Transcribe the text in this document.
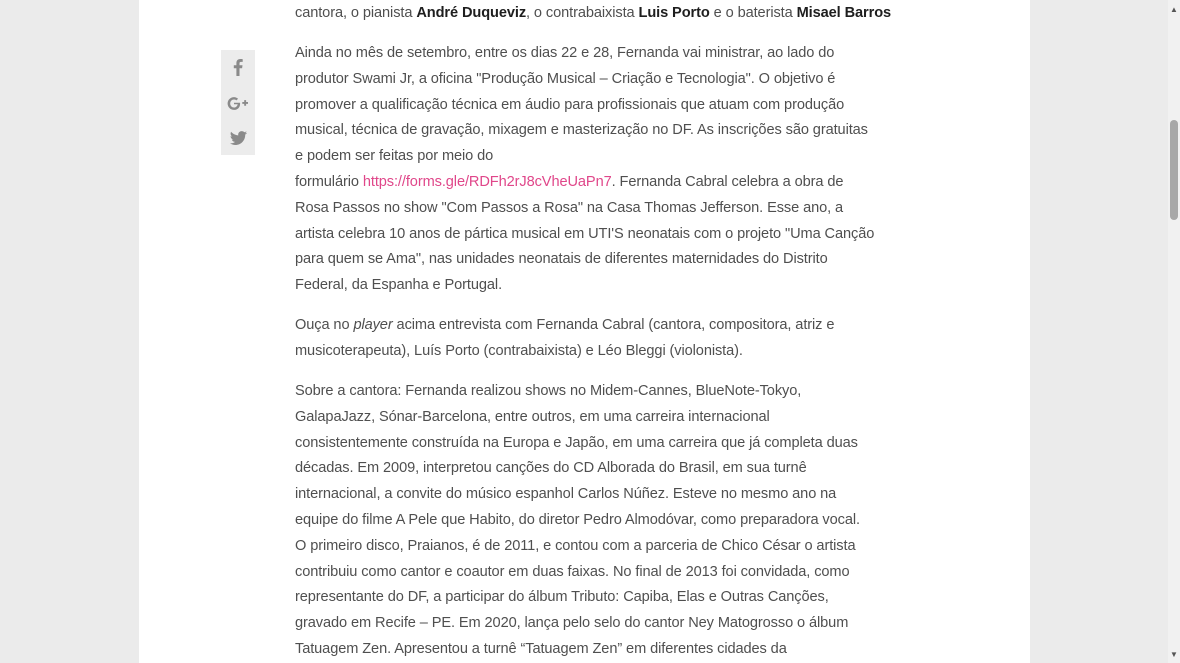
cantora, o pianista André Duqueviz, o contrabaixista Luis Porto e o baterista Misael Barros

Ainda no mês de setembro, entre os dias 22 e 28, Fernanda vai ministrar, ao lado do produtor Swami Jr, a oficina "Produção Musical – Criação e Tecnologia". O objetivo é promover a qualificação técnica em áudio para profissionais que atuam com produção musical, técnica de gravação, mixagem e masterização no DF. As inscrições são gratuitas e podem ser feitas por meio do
formulário https://forms.gle/RDFh2rJ8cVheUaPn7. Fernanda Cabral celebra a obra de Rosa Passos no show "Com Passos a Rosa" na Casa Thomas Jefferson. Esse ano, a artista celebra 10 anos de pártica musical em UTI'S neonatais com o projeto "Uma Canção para quem se Ama", nas unidades neonatais de diferentes maternidades do Distrito Federal, da Espanha e Portugal.

Ouça no player acima entrevista com Fernanda Cabral (cantora, compositora, atriz e musicoterapeuta), Luís Porto (contrabaixista) e Léo Bleggi (violonista).

Sobre a cantora: Fernanda realizou shows no Midem-Cannes, BlueNote-Tokyo, GalapaJazz, Sónar-Barcelona, entre outros, em uma carreira internacional consistentemente construída na Europa e Japão, em uma carreira que já completa duas décadas. Em 2009, interpretou canções do CD Alborada do Brasil, em sua turnê internacional, a convite do músico espanhol Carlos Núñez. Esteve no mesmo ano na equipe do filme A Pele que Habito, do diretor Pedro Almodóvar, como preparadora vocal. O primeiro disco, Praianos, é de 2011, e contou com a parceria de Chico César o artista contribuiu como cantor e coautor em duas faixas. No final de 2013 foi convidada, como representante do DF, a participar do álbum Tributo: Capiba, Elas e Outras Canções, gravado em Recife – PE. Em 2020, lança pelo selo do cantor Ney Matogrosso o álbum Tatuagem Zen. Apresentou a turnê “Tatuagem Zen” em diferentes cidades da

▲
▼
